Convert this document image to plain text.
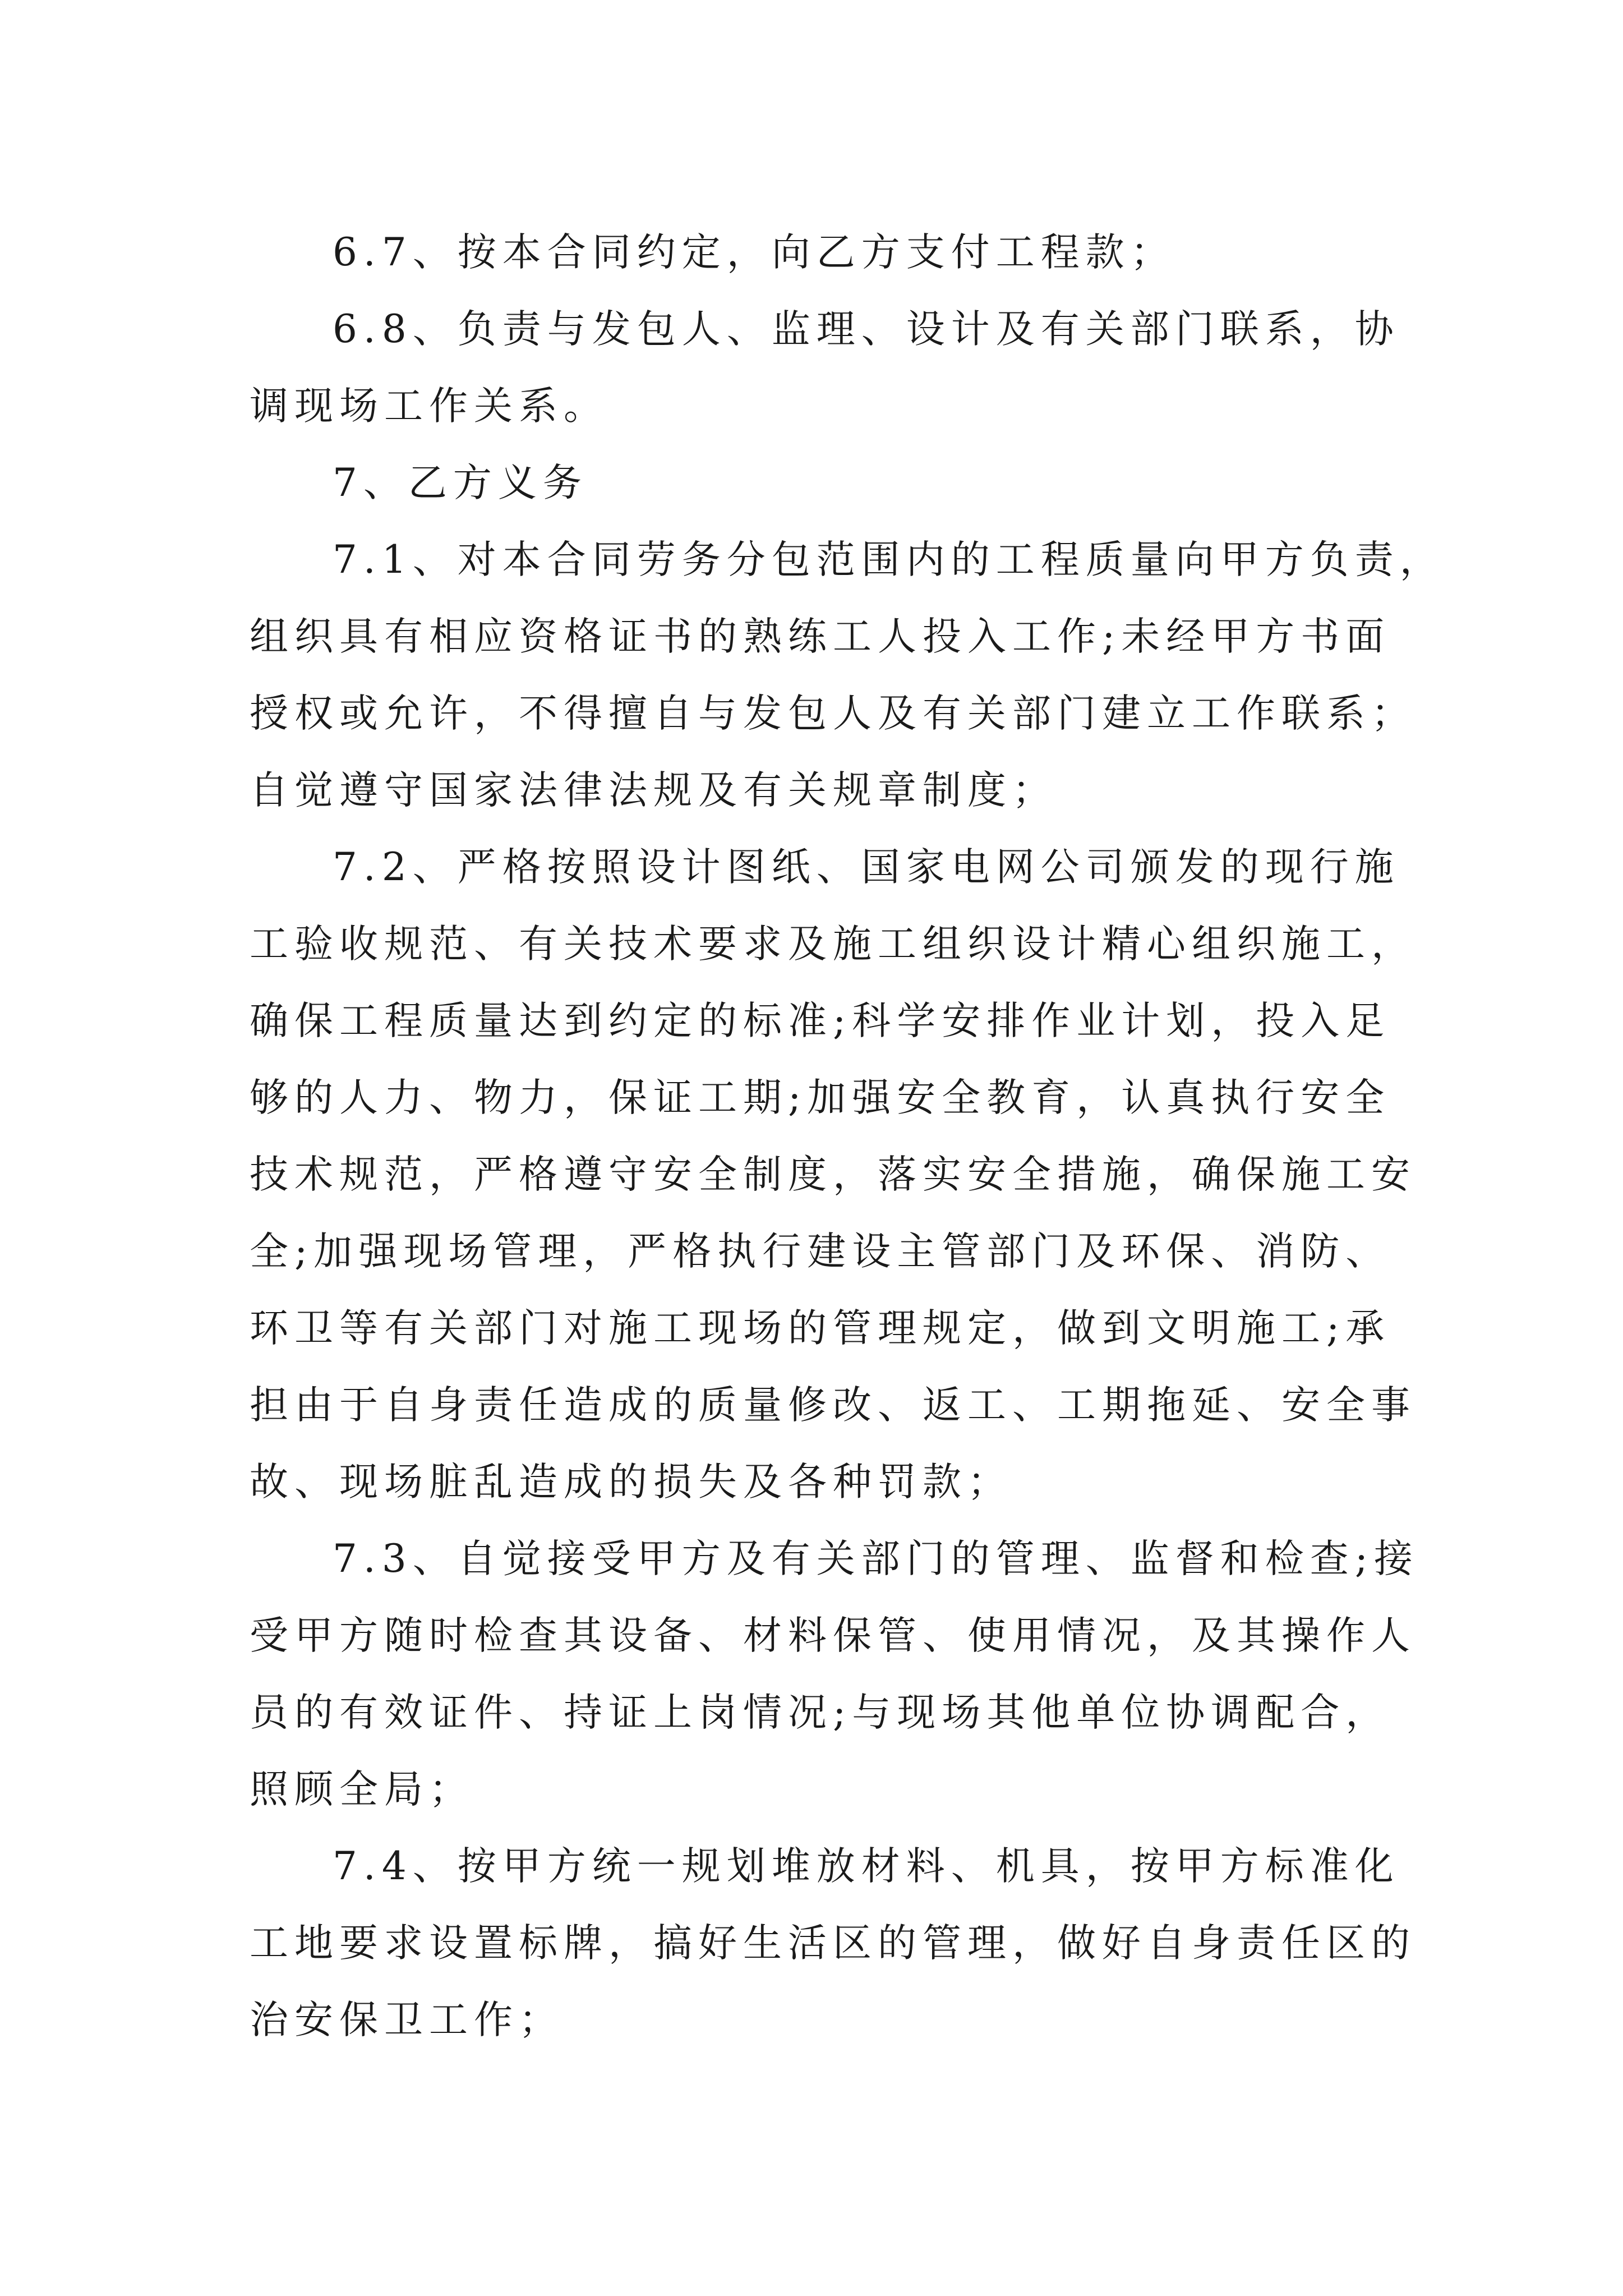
6.7、按本合同约定，向乙方支付工程款；
6.8、负责与发包人、监理、设计及有关部门联系，协
调现场工作关系。
7、乙方义务
7.1、对本合同劳务分包范围内的工程质量向甲方负责，
组织具有相应资格证书的熟练工人投入工作;未经甲方书面
授权或允许，不得擅自与发包人及有关部门建立工作联系；
自觉遵守国家法律法规及有关规章制度；
7.2、严格按照设计图纸、国家电网公司颁发的现行施
工验收规范、有关技术要求及施工组织设计精心组织施工，
确保工程质量达到约定的标准;科学安排作业计划，投入足
够的人力、物力，保证工期;加强安全教育，认真执行安全
技术规范，严格遵守安全制度，落实安全措施，确保施工安
全;加强现场管理，严格执行建设主管部门及环保、消防、
环卫等有关部门对施工现场的管理规定，做到文明施工;承
担由于自身责任造成的质量修改、返工、工期拖延、安全事
故、现场脏乱造成的损失及各种罚款；
7.3、自觉接受甲方及有关部门的管理、监督和检查;接
受甲方随时检查其设备、材料保管、使用情况，及其操作人
员的有效证件、持证上岗情况;与现场其他单位协调配合，
照顾全局；
7.4、按甲方统一规划堆放材料、机具，按甲方标准化
工地要求设置标牌，搞好生活区的管理，做好自身责任区的
治安保卫工作；
